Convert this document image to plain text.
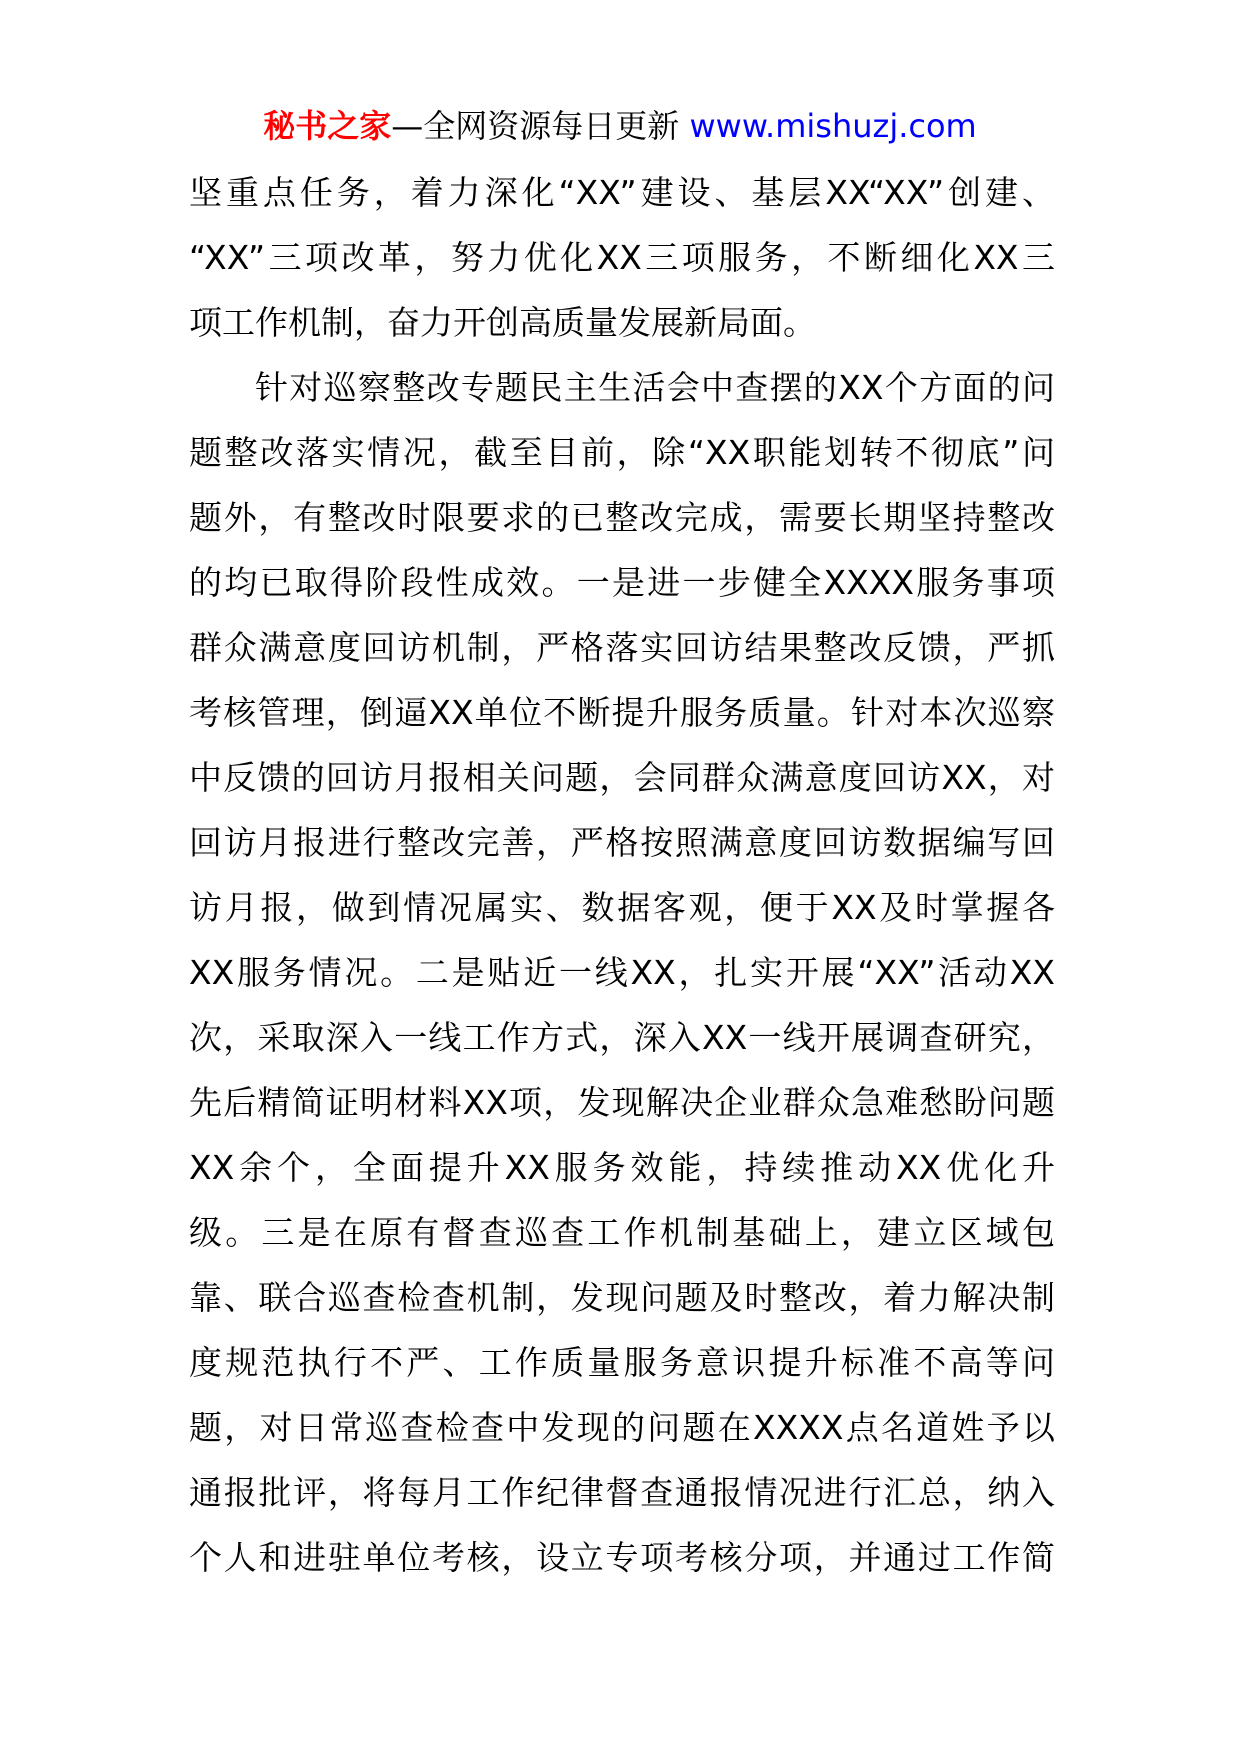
秘书之家—全网资源每日更新 www.mishuzj.com
坚重点任务，着力深化“XX”建设、基层XX“XX”创建、
“XX”三项改革，努力优化XX三项服务，不断细化XX三
项工作机制，奋力开创高质量发展新局面。
针对巡察整改专题民主生活会中查摆的XX个方面的问
题整改落实情况，截至目前，除“XX职能划转不彻底”问
题外，有整改时限要求的已整改完成，需要长期坚持整改
的均已取得阶段性成效。一是进一步健全XXXX服务事项
群众满意度回访机制，严格落实回访结果整改反馈，严抓
考核管理，倒逼XX单位不断提升服务质量。针对本次巡察
中反馈的回访月报相关问题，会同群众满意度回访XX，对
回访月报进行整改完善，严格按照满意度回访数据编写回
访月报，做到情况属实、数据客观，便于XX及时掌握各
XX服务情况。二是贴近一线XX，扎实开展“XX”活动XX
次，采取深入一线工作方式，深入XX一线开展调查研究，
先后精简证明材料XX项，发现解决企业群众急难愁盼问题
XX余个，全面提升XX服务效能，持续推动XX优化升
级。三是在原有督查巡查工作机制基础上，建立区域包
靠、联合巡查检查机制，发现问题及时整改，着力解决制
度规范执行不严、工作质量服务意识提升标准不高等问
题，对日常巡查检查中发现的问题在XXXX点名道姓予以
通报批评，将每月工作纪律督查通报情况进行汇总，纳入
个人和进驻单位考核，设立专项考核分项，并通过工作简
